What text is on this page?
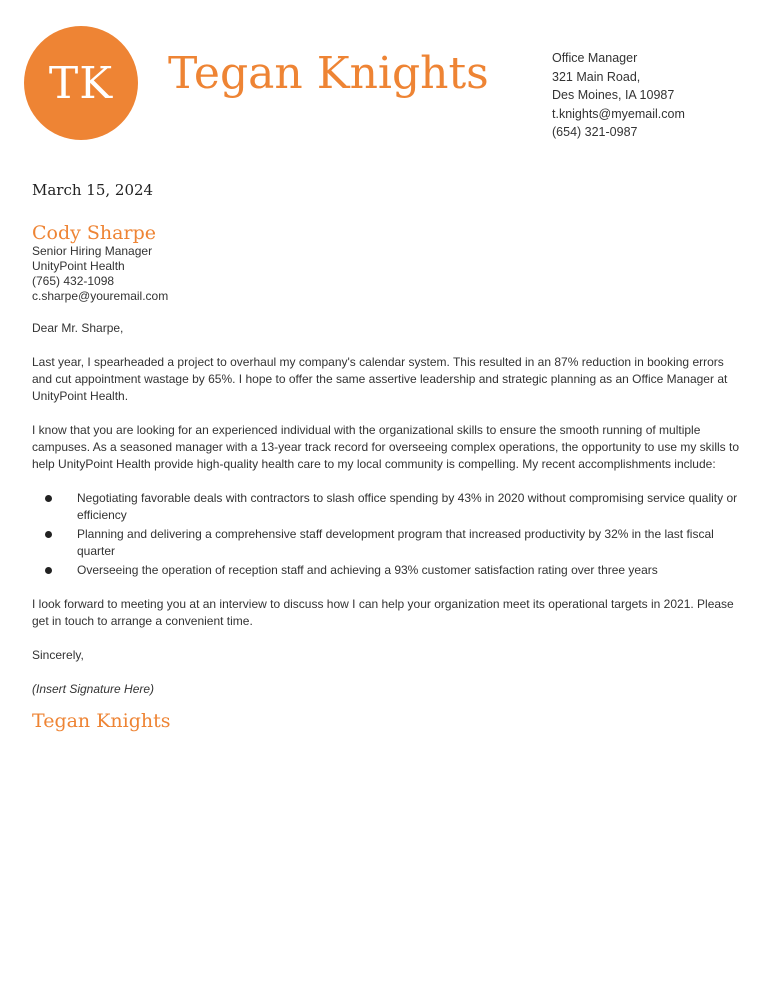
TK Tegan Knights	Office Manager
321 Main Road,
Des Moines, IA 10987
t.knights@myemail.com
(654) 321-0987
March 15, 2024
Cody Sharpe
Senior Hiring Manager
UnityPoint Health
(765) 432-1098
c.sharpe@youremail.com

Dear Mr. Sharpe,

Last year, I spearheaded a project to overhaul my company's calendar system. This resulted in an 87% reduction in booking errors and cut appointment wastage by 65%. I hope to offer the same assertive leadership and strategic planning as an Office Manager at UnityPoint Health.

I know that you are looking for an experienced individual with the organizational skills to ensure the smooth running of multiple campuses. As a seasoned manager with a 13-year track record for overseeing complex operations, the opportunity to use my skills to help UnityPoint Health provide high-quality health care to my local community is compelling. My recent accomplishments include:

Negotiating favorable deals with contractors to slash office spending by 43% in 2020 without compromising service quality or efficiency
Planning and delivering a comprehensive staff development program that increased productivity by 32% in the last fiscal quarter
Overseeing the operation of reception staff and achieving a 93% customer satisfaction rating over three years

I look forward to meeting you at an interview to discuss how I can help your organization meet its operational targets in 2021. Please get in touch to arrange a convenient time.

Sincerely,

(Insert Signature Here)

Tegan Knights
